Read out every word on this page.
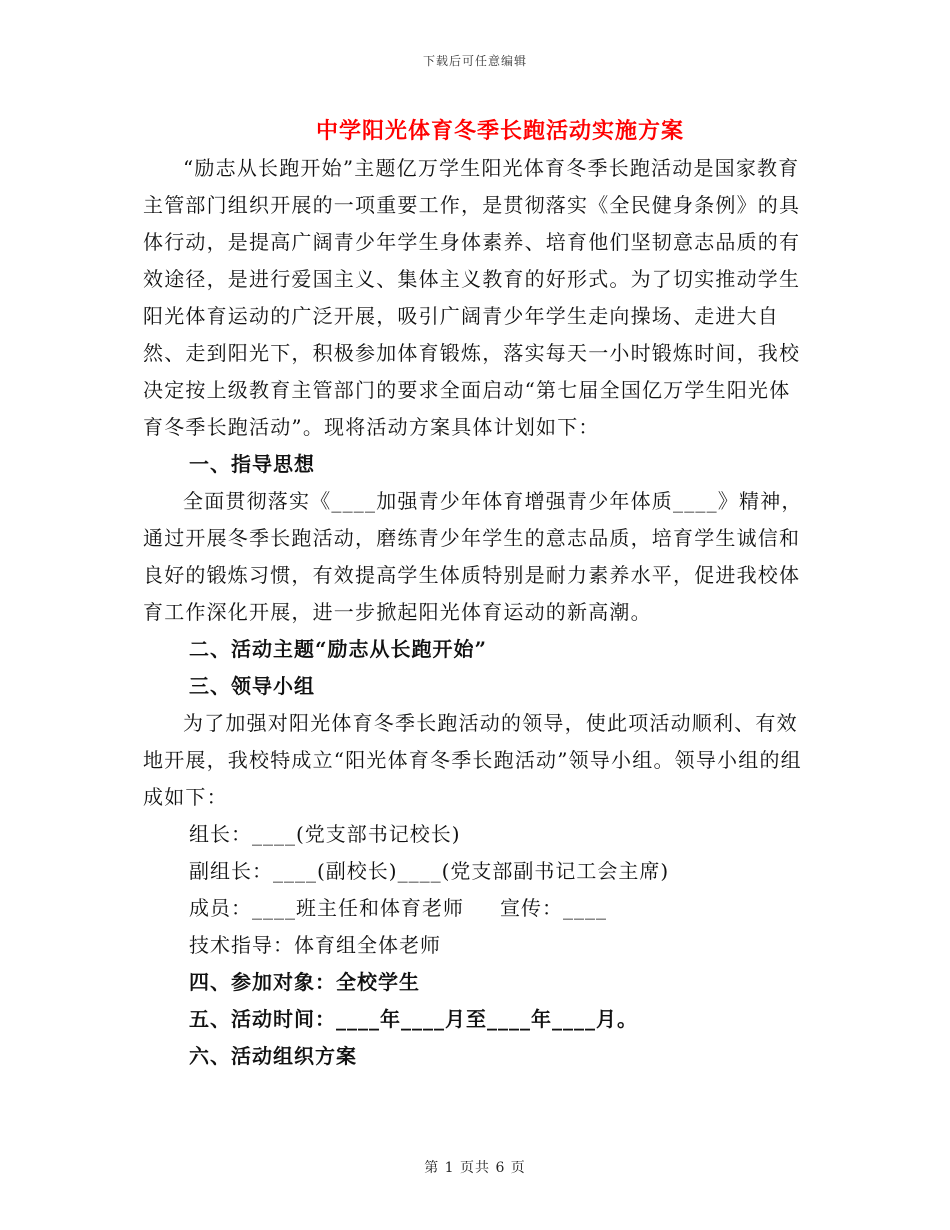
下载后可任意编辑
中学阳光体育冬季长跑活动实施方案

“励志从长跑开始”主题亿万学生阳光体育冬季长跑活动是国家教育主管部门组织开展的一项重要工作，是贯彻落实《全民健身条例》的具体行动，是提高广阔青少年学生身体素养、培育他们坚韧意志品质的有效途径，是进行爱国主义、集体主义教育的好形式。为了切实推动学生阳光体育运动的广泛开展，吸引广阔青少年学生走向操场、走进大自然、走到阳光下，积极参加体育锻炼，落实每天一小时锻炼时间，我校决定按上级教育主管部门的要求全面启动“第七届全国亿万学生阳光体育冬季长跑活动”。现将活动方案具体计划如下：

一、指导思想

全面贯彻落实《____加强青少年体育增强青少年体质____》精神，通过开展冬季长跑活动，磨练青少年学生的意志品质，培育学生诚信和良好的锻炼习惯，有效提高学生体质特别是耐力素养水平，促进我校体育工作深化开展，进一步掀起阳光体育运动的新高潮。

二、活动主题“励志从长跑开始”

三、领导小组

为了加强对阳光体育冬季长跑活动的领导，使此项活动顺利、有效地开展，我校特成立“阳光体育冬季长跑活动”领导小组。领导小组的组成如下：

组长：____(党支部书记校长)

副组长：____(副校长)____(党支部副书记工会主席)

成员：____班主任和体育老师 宣传：____

技术指导：体育组全体老师

四、参加对象：全校学生

五、活动时间：____年____月至____年____月。

六、活动组织方案

第 1 页共 6 页
